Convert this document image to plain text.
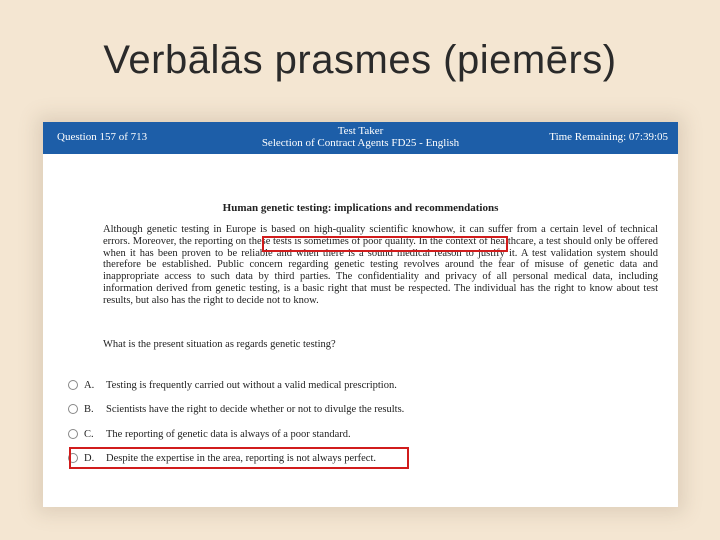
Verbālās prasmes (piemērs)
Question 157 of 713	Test Taker
Selection of Contract Agents FD25 - English	Time Remaining: 07:39:05
Human genetic testing: implications and recommendations
Although genetic testing in Europe is based on high-quality scientific knowhow, it can suffer from a certain level of technical errors. Moreover, the reporting on these tests is sometimes of poor quality. In the context of healthcare, a test should only be offered when it has been proven to be reliable and when there is a sound medical reason to justify it. A test validation system should therefore be established. Public concern regarding genetic testing revolves around the fear of misuse of genetic data and inappropriate access to such data by third parties. The confidentiality and privacy of all personal medical data, including information derived from genetic testing, is a basic right that must be respected. The individual has the right to know about test results, but also has the right to decide not to know.
What is the present situation as regards genetic testing?
A.	Testing is frequently carried out without a valid medical prescription.
B.	Scientists have the right to decide whether or not to divulge the results.
C.	The reporting of genetic data is always of a poor standard.
D.	Despite the expertise in the area, reporting is not always perfect.
